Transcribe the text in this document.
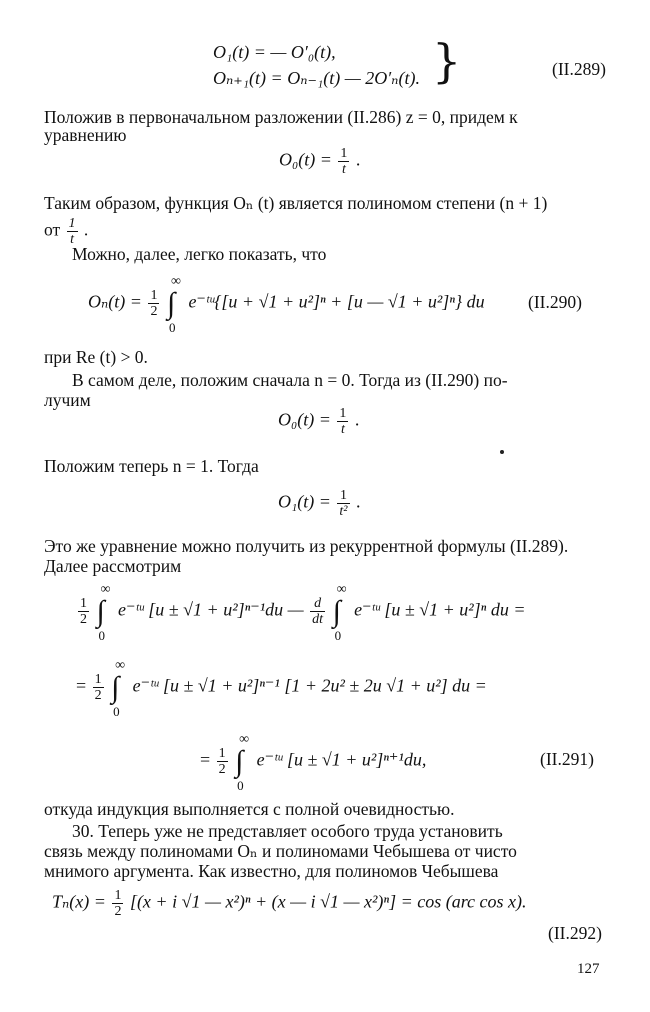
O₁(t) = — O′₀(t),
Oₙ₊₁(t) = Oₙ₋₁(t) — 2O′ₙ(t). }	(II.289)
Положив в первоначальном разложении (II.286) z = 0, придем к
уравнению
$O_0(t) = \frac{1}{t}$ .
Таким образом, функция Oₙ (t) является полиномом степени (n + 1)
от $\frac{1}{t}$ .
Можно, далее, легко показать, что
$O_n(t) = \frac{1}{2}$ ∫
∞
0
e⁻ᵗᵘ{[u + √1 + u²]ⁿ + [u — √1 + u²]ⁿ} du (II.290)
при Re (t) > 0.
В самом деле, положим сначала n = 0. Тогда из (II.290) по-
лучим
$O_0(t) = \frac{1}{t}$ .
Положим теперь n = 1. Тогда
$O_1(t) = \frac{1}{\text{t²}}$ .
Это же уравнение можно получить из рекуррентной формулы (II.289).
Далее рассмотрим
$\frac{1}{2}$ ∫
∞
0
e⁻ᵗᵘ [u ± √1 + u²]ⁿ⁻¹du — $\frac{d}{dt}$ ∫
∞
0
e⁻ᵗᵘ [u ± √1 + u²]ⁿ du =
= $\frac{1}{2}$ ∫
∞
0
e⁻ᵗᵘ [u ± √1 + u²]ⁿ⁻¹ [1 + 2u² ± 2u √1 + u²] du =
= $\frac{1}{2}$ ∫
∞
0
e⁻ᵗᵘ [u ± √1 + u²]ⁿ⁺¹du,	(II.291)
откуда индукция выполняется с полной очевидностью.
30. Теперь уже не представляет особого труда установить
связь между полиномами Oₙ и полиномами Чебышева от чисто
мнимого аргумента. Как известно, для полиномов Чебышева
$T_n(x) = \frac{1}{2} [(x + i$ √1 — x²)ⁿ + (x — i √1 — x²)ⁿ] = cos (arc cos x).
(II.292)
127
